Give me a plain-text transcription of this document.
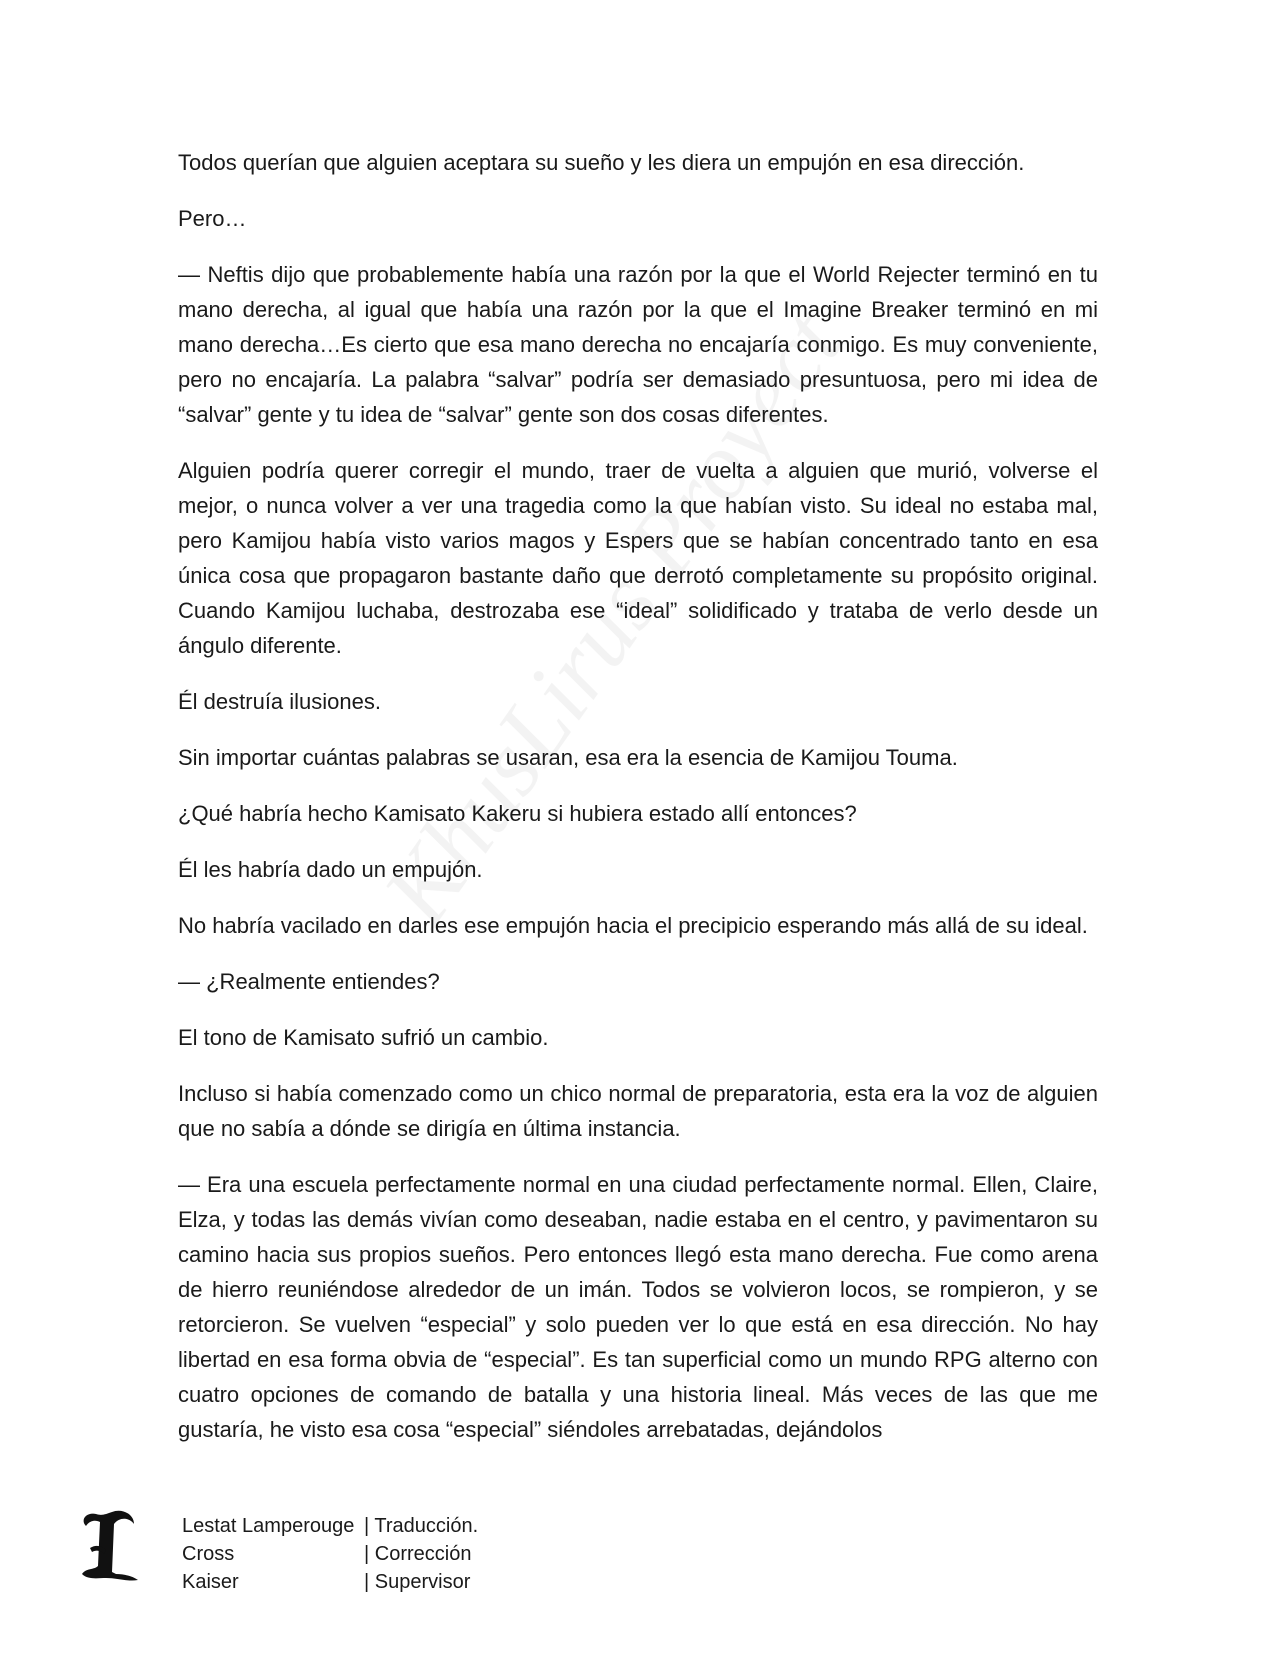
Todos querían que alguien aceptara su sueño y les diera un empujón en esa dirección.

Pero…

— Neftis dijo que probablemente había una razón por la que el World Rejecter terminó en tu mano derecha, al igual que había una razón por la que el Imagine Breaker terminó en mi mano derecha…Es cierto que esa mano derecha no encajaría conmigo. Es muy conveniente, pero no encajaría. La palabra “salvar” podría ser demasiado presuntuosa, pero mi idea de “salvar” gente y tu idea de “salvar” gente son dos cosas diferentes.

Alguien podría querer corregir el mundo, traer de vuelta a alguien que murió, volverse el mejor, o nunca volver a ver una tragedia como la que habían visto. Su ideal no estaba mal, pero Kamijou había visto varios magos y Espers que se habían concentrado tanto en esa única cosa que propagaron bastante daño que derrotó completamente su propósito original. Cuando Kamijou luchaba, destrozaba ese “ideal” solidificado y trataba de verlo desde un ángulo diferente.

Él destruía ilusiones.

Sin importar cuántas palabras se usaran, esa era la esencia de Kamijou Touma.

¿Qué habría hecho Kamisato Kakeru si hubiera estado allí entonces?

Él les habría dado un empujón.

No habría vacilado en darles ese empujón hacia el precipicio esperando más allá de su ideal.

— ¿Realmente entiendes?

El tono de Kamisato sufrió un cambio.

Incluso si había comenzado como un chico normal de preparatoria, esta era la voz de alguien que no sabía a dónde se dirigía en última instancia.

— Era una escuela perfectamente normal en una ciudad perfectamente normal. Ellen, Claire, Elza, y todas las demás vivían como deseaban, nadie estaba en el centro, y pavimentaron su camino hacia sus propios sueños. Pero entonces llegó esta mano derecha. Fue como arena de hierro reuniéndose alrededor de un imán. Todos se volvieron locos, se rompieron, y se retorcieron. Se vuelven “especial” y solo pueden ver lo que está en esa dirección. No hay libertad en esa forma obvia de “especial”. Es tan superficial como un mundo RPG alterno con cuatro opciones de comando de batalla y una historia lineal. Más veces de las que me gustaría, he visto esa cosa “especial” siéndoles arrebatadas, dejándolos

Lestat Lamperouge | Traducción.
Cross	| Corrección
Kaiser	| Supervisor
